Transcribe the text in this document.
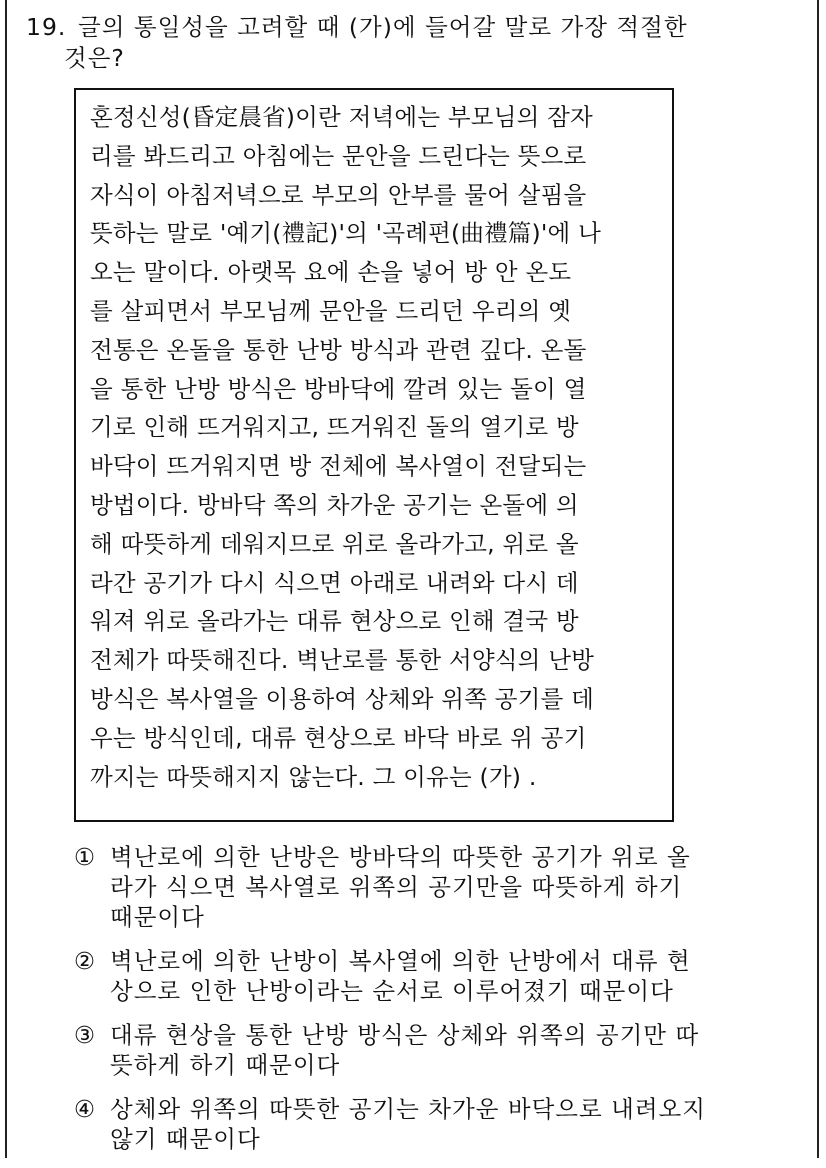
19. 글의 통일성을 고려할 때 (가)에 들어갈 말로 가장 적절한
것은?
혼정신성(昏定晨省)이란 저녁에는 부모님의 잠자
리를 봐드리고 아침에는 문안을 드린다는 뜻으로
자식이 아침저녁으로 부모의 안부를 물어 살핌을
뜻하는 말로 '예기(禮記)'의 '곡례편(曲禮篇)'에 나
오는 말이다. 아랫목 요에 손을 넣어 방 안 온도
를 살피면서 부모님께 문안을 드리던 우리의 옛
전통은 온돌을 통한 난방 방식과 관련 깊다. 온돌
을 통한 난방 방식은 방바닥에 깔려 있는 돌이 열
기로 인해 뜨거워지고, 뜨거워진 돌의 열기로 방
바닥이 뜨거워지면 방 전체에 복사열이 전달되는
방법이다. 방바닥 쪽의 차가운 공기는 온돌에 의
해 따뜻하게 데워지므로 위로 올라가고, 위로 올
라간 공기가 다시 식으면 아래로 내려와 다시 데
워져 위로 올라가는 대류 현상으로 인해 결국 방
전체가 따뜻해진다. 벽난로를 통한 서양식의 난방
방식은 복사열을 이용하여 상체와 위쪽 공기를 데
우는 방식인데, 대류 현상으로 바닥 바로 위 공기
까지는 따뜻해지지 않는다. 그 이유는 (가) .
① 벽난로에 의한 난방은 방바닥의 따뜻한 공기가 위로 올
라가 식으면 복사열로 위쪽의 공기만을 따뜻하게 하기
때문이다
② 벽난로에 의한 난방이 복사열에 의한 난방에서 대류 현
상으로 인한 난방이라는 순서로 이루어졌기 때문이다
③ 대류 현상을 통한 난방 방식은 상체와 위쪽의 공기만 따
뜻하게 하기 때문이다
④ 상체와 위쪽의 따뜻한 공기는 차가운 바닥으로 내려오지
않기 때문이다
